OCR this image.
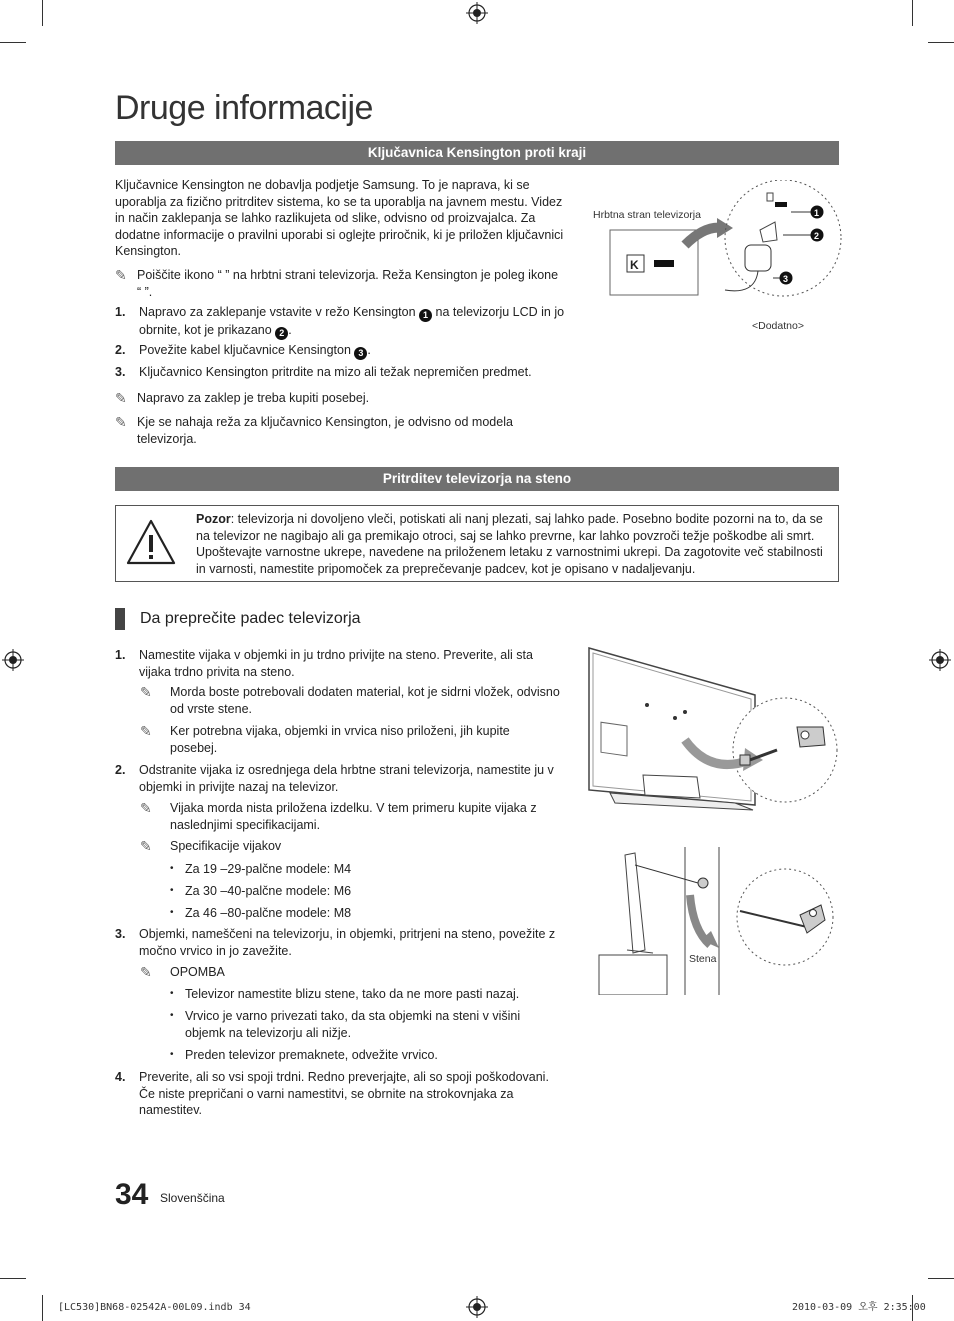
Druge informacije
Ključavnica Kensington proti kraji
Ključavnice Kensington ne dobavlja podjetje Samsung. To je naprava, ki se uporablja za fizično pritrditev sistema, ko se ta uporablja na javnem mestu. Videz in način zaklepanja se lahko razlikujeta od slike, odvisno od proizvajalca. Za dodatne informacije o pravilni uporabi si oglejte priročnik, ki je priložen ključavnici Kensington.
✎ Poiščite ikono “ ” na hrbtni strani televizorja. Reža Kensington je poleg ikone “ ”.
1.	Napravo za zaklepanje vstavite v režo Kensington 1 na televizorju LCD in jo obrnite, kot je prikazano 2 .
2.	Povežite kabel ključavnice Kensington 3 .
3.	Ključavnico Kensington pritrdite na mizo ali težak nepremičen predmet.
✎ Napravo za zaklep je treba kupiti posebej.
✎ Kje se nahaja reža za ključavnico Kensington, je odvisno od modela televizorja.
Hrbtna stran televizorja
<Dodatno>
K
1
2
3
Pritrditev televizorja na steno
Pozor: televizorja ni dovoljeno vleči, potiskati ali nanj plezati, saj lahko pade. Posebno bodite pozorni na to, da se na televizor ne nagibajo ali ga premikajo otroci, saj se lahko prevrne, kar lahko povzroči težje poškodbe ali smrt. Upoštevajte varnostne ukrepe, navedene na priloženem letaku z varnostnimi ukrepi. Da zagotovite več stabilnosti in varnosti, namestite pripomoček za preprečevanje padcev, kot je opisano v nadaljevanju.
Da preprečite padec televizorja
1.	Namestite vijaka v objemki in ju trdno privijte na steno. Preverite, ali sta vijaka trdno privita na steno.
✎	Morda boste potrebovali dodaten material, kot je sidrni vložek, odvisno od vrste stene.
✎	Ker potrebna vijaka, objemki in vrvica niso priloženi, jih kupite posebej.
2.	Odstranite vijaka iz osrednjega dela hrbtne strani televizorja, namestite ju v objemki in privijte nazaj na televizor.
✎	Vijaka morda nista priložena izdelku. V tem primeru kupite vijaka z naslednjimi specifikacijami.
✎	Specifikacije vijakov
• Za 19 –29-palčne modele: M4
• Za 30 –40-palčne modele: M6
• Za 46 –80-palčne modele: M8
3.	Objemki, nameščeni na televizorju, in objemki, pritrjeni na steno, povežite z močno vrvico in jo zavežite.
✎	OPOMBA
• Televizor namestite blizu stene, tako da ne more pasti nazaj.
• Vrvico je varno privezati tako, da sta objemki na steni v višini objemk na televizorju ali nižje.
• Preden televizor premaknete, odvežite vrvico.
4.	Preverite, ali so vsi spoji trdni. Redno preverjajte, ali so spoji poškodovani. Če niste prepričani o varni namestitvi, se obrnite na strokovnjaka za namestitev.
Stena
34 Slovenščina
[LC530]BN68-02542A-00L09.indb 34	2010-03-09 오후 2:35:00
